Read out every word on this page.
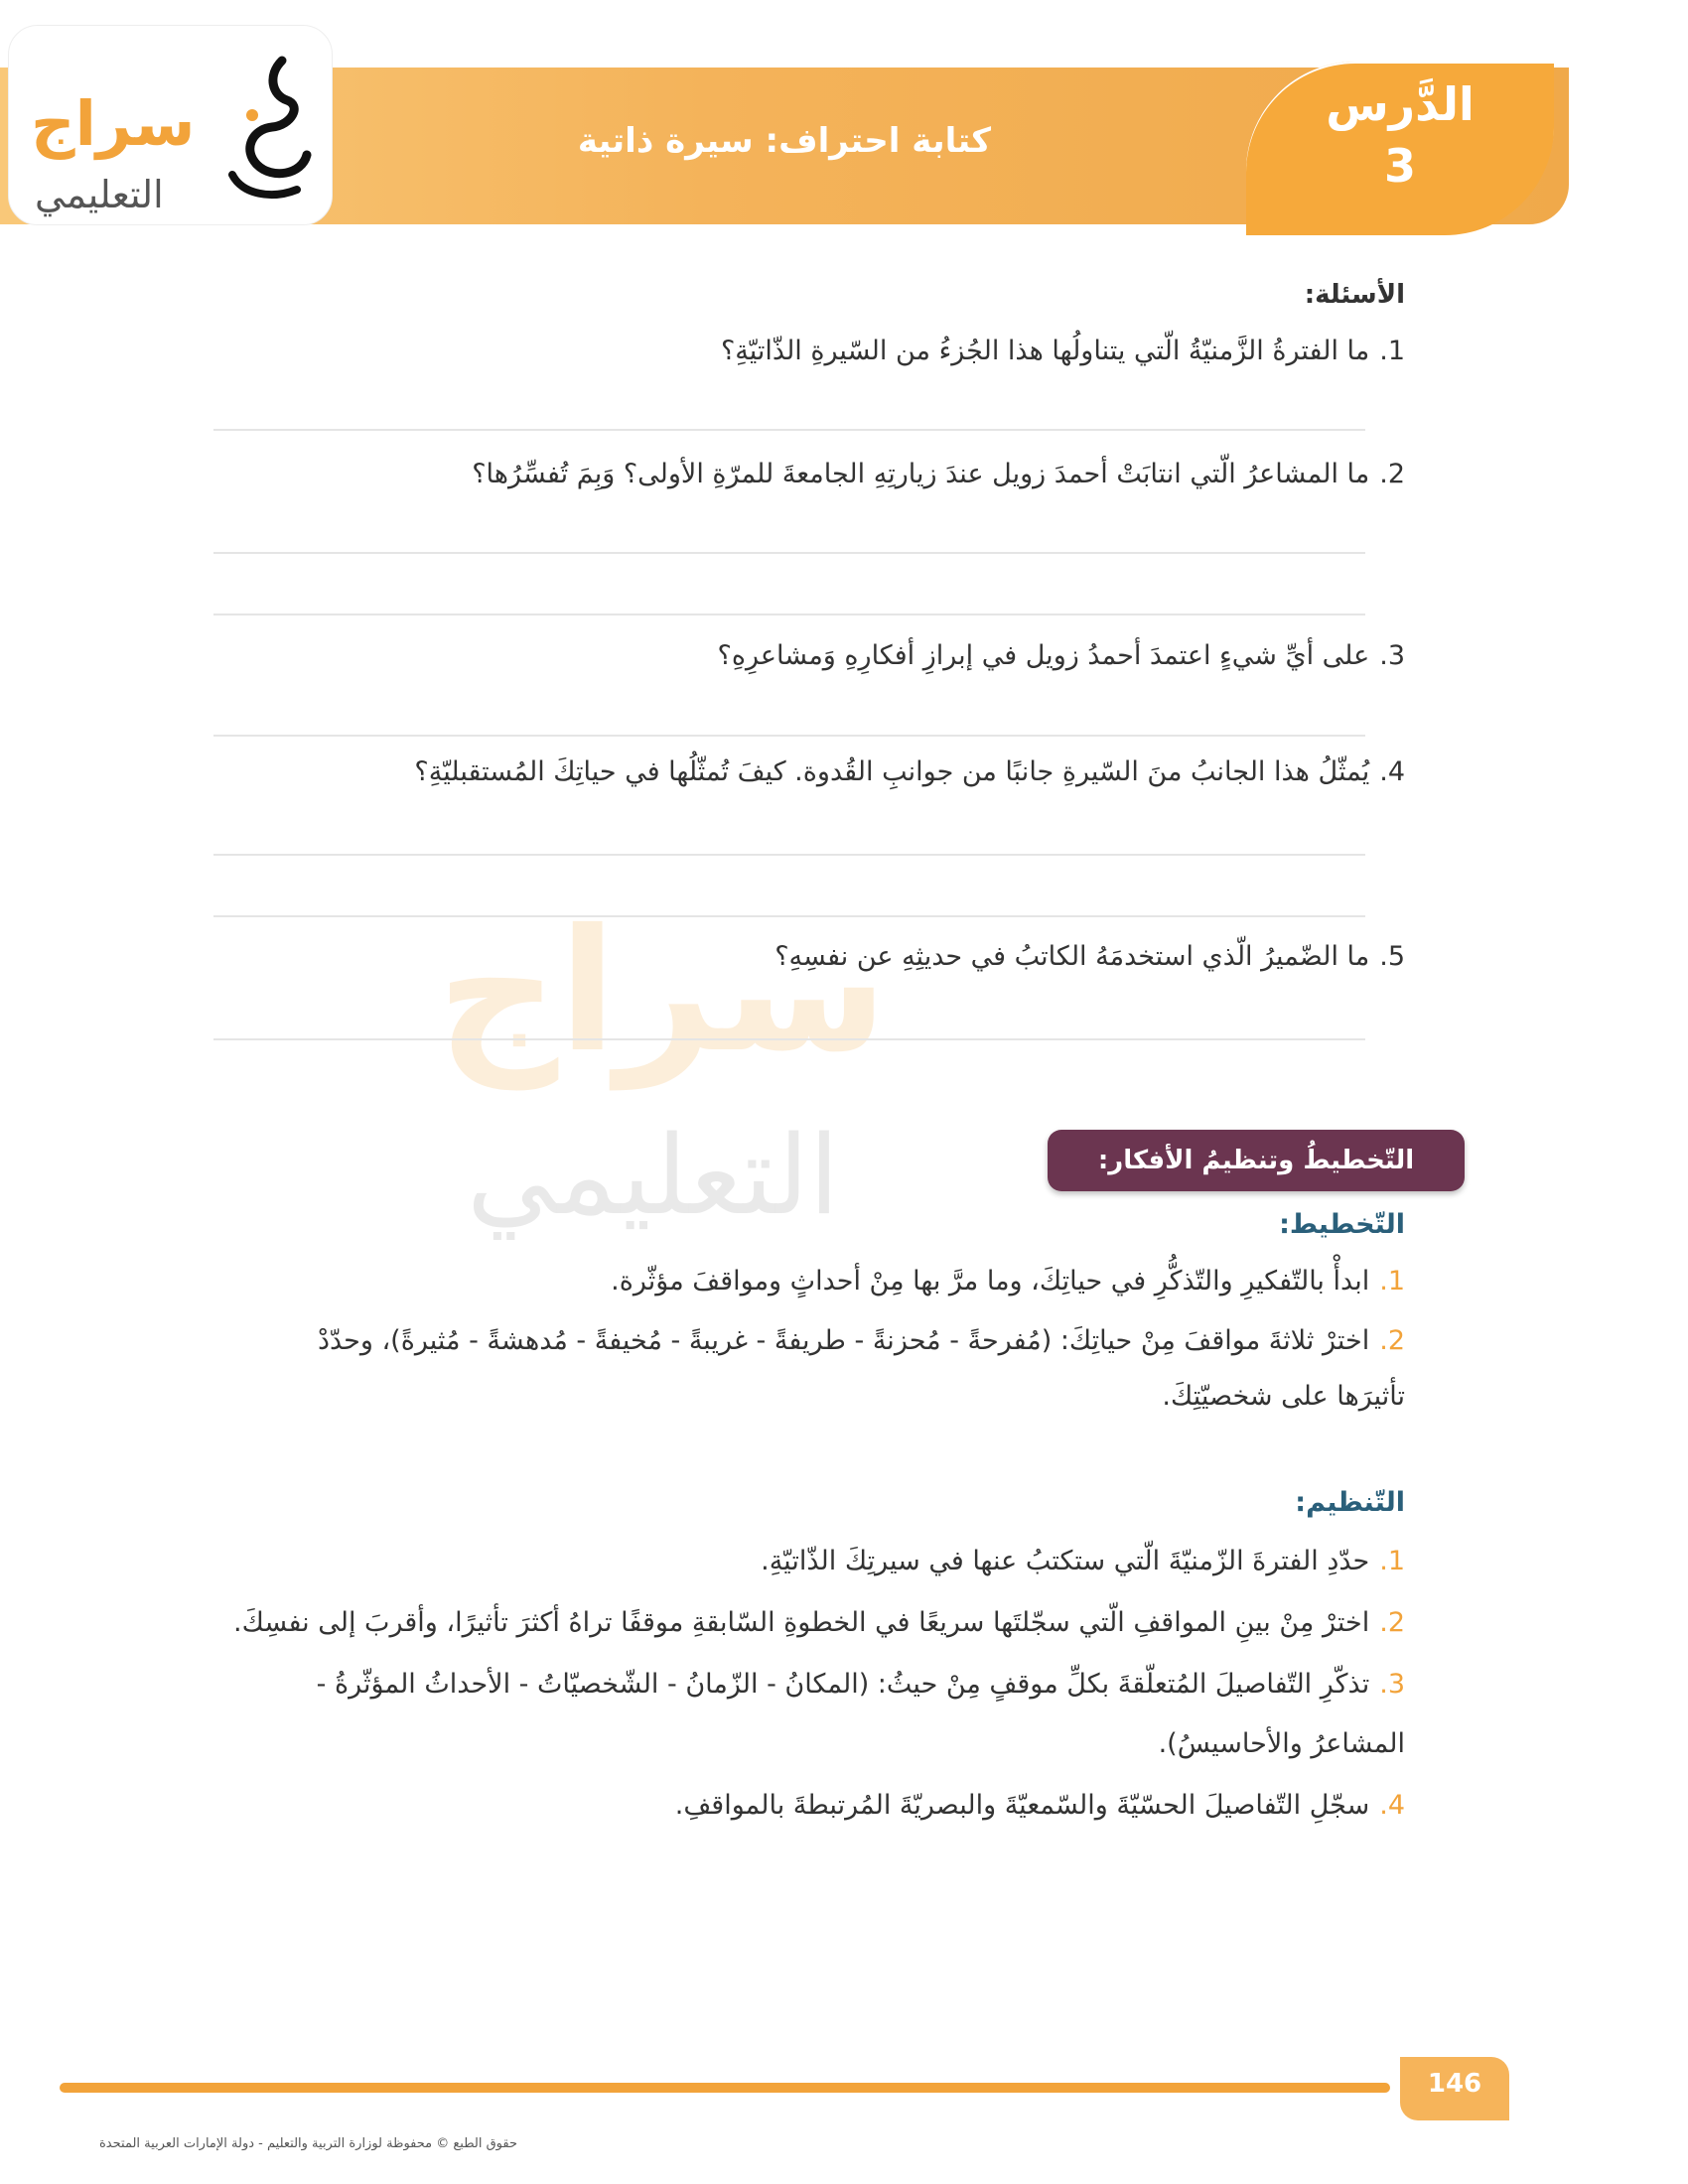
سراج
التعليمي
كتابة احتراف: سيرة ذاتية
الدَّرس
3
سراج
التعليمي
الأسئلة:
1.ما الفترةُ الزَّمنيّةُ الّتي يتناولُها هذا الجُزءُ من السّيرةِ الذّاتيّةِ؟
2.ما المشاعرُ الّتي انتابَتْ أحمدَ زويل عندَ زيارتِهِ الجامعةَ للمرّةِ الأولى؟ وَبِمَ تُفسِّرُها؟
3.على أيِّ شيءٍ اعتمدَ أحمدُ زويل في إبرازِ أفكارِهِ وَمشاعرِهِ؟
4.يُمثّلُ هذا الجانبُ منَ السّيرةِ جانبًا من جوانبِ القُدوة. كيفَ تُمثّلُها في حياتِكَ المُستقبليّةِ؟
5.ما الضّميرُ الّذي استخدمَهُ الكاتبُ في حديثِهِ عن نفسِهِ؟
التّخطيطُ وتنظيمُ الأفكار:
التّخطيط:
1.ابدأْ بالتّفكيرِ والتّذكُّرِ في حياتِكَ، وما مرَّ بها مِنْ أحداثٍ ومواقفَ مؤثّرة.
2.اخترْ ثلاثةَ مواقفَ مِنْ حياتِكَ: (مُفرحةً - مُحزنةً - طريفةً - غريبةً - مُخيفةً - مُدهشةً - مُثيرةً)، وحدّدْ
تأثيرَها على شخصيّتِكَ.
التّنظيم:
1.حدّدِ الفترةَ الزّمنيّةَ الّتي ستكتبُ عنها في سيرتِكَ الذّاتيّةِ.
2.اخترْ مِنْ بينِ المواقفِ الّتي سجّلتَها سريعًا في الخطوةِ السّابقةِ موقفًا تراهُ أكثرَ تأثيرًا، وأقربَ إلى نفسِكَ.
3.تذكّرِ التّفاصيلَ المُتعلّقةَ بكلِّ موقفٍ مِنْ حيثُ: (المكانُ - الزّمانُ - الشّخصيّاتُ - الأحداثُ المؤثّرةُ -
المشاعرُ والأحاسيسُ).
4.سجّلِ التّفاصيلَ الحسّيّةَ والسّمعيّةَ والبصريّةَ المُرتبطةَ بالمواقفِ.
146
حقوق الطبع © محفوظة لوزارة التربية والتعليم - دولة الإمارات العربية المتحدة
